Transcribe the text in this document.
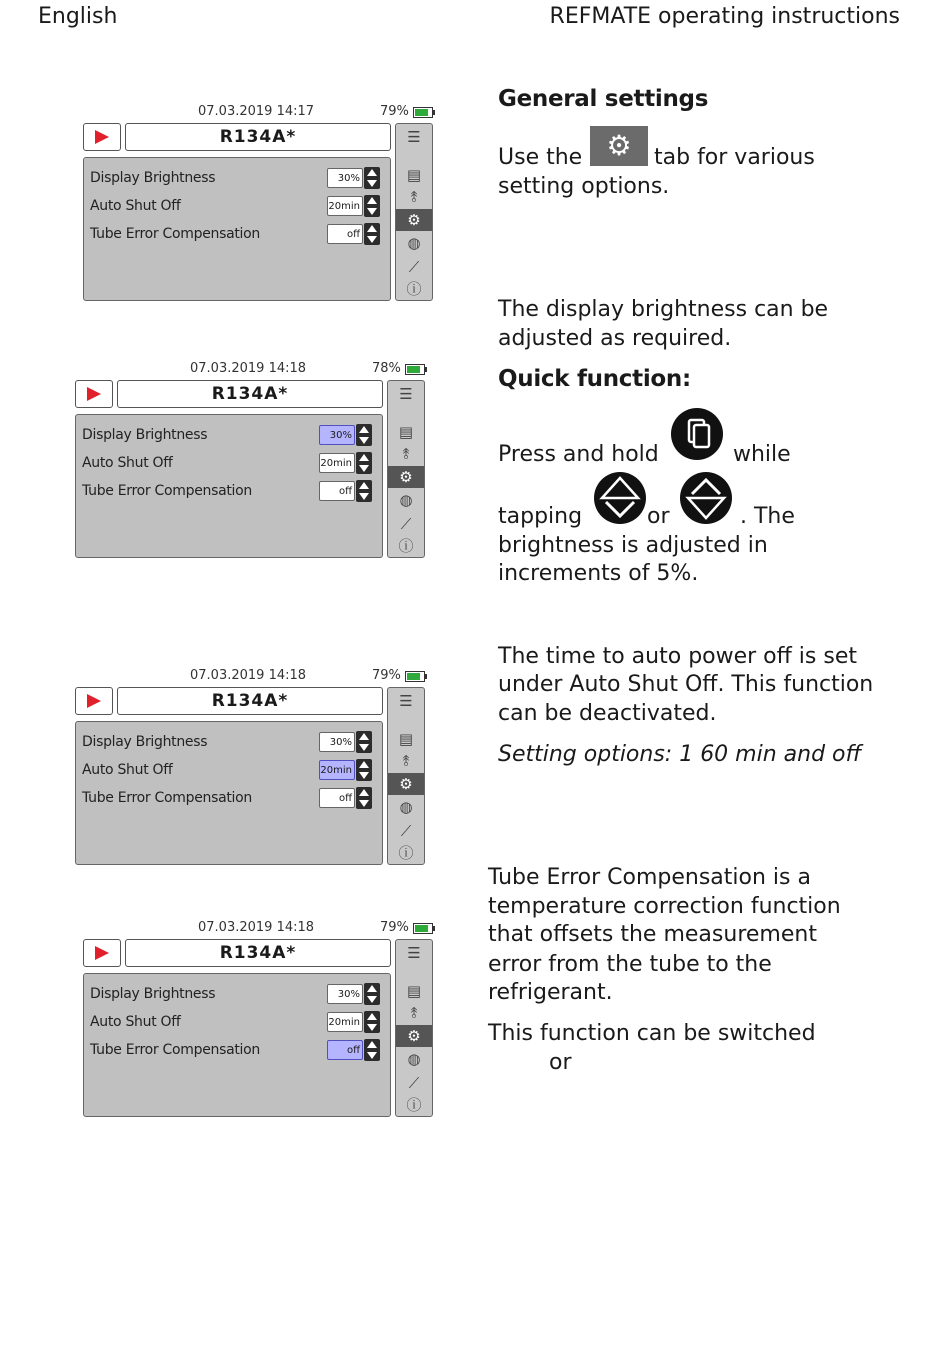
English	REFMATE operating instructions
07.03.2019 14:17	79%
R134A*
Display Brightness	30%
Auto Shut Off	20min
Tube Error Compensation	off
☰
▤
⥉
⚙
◍
⟋
ⓘ
07.03.2019 14:18	78%
R134A*
Display Brightness	30%
Auto Shut Off	20min
Tube Error Compensation	off
☰
▤
⥉
⚙
◍
⟋
ⓘ
07.03.2019 14:18	79%
R134A*
Display Brightness	30%
Auto Shut Off	20min
Tube Error Compensation	off
☰
▤
⥉
⚙
◍
⟋
ⓘ
07.03.2019 14:18	79%
R134A*
Display Brightness	30%
Auto Shut Off	20min
Tube Error Compensation	off
☰
▤
⥉
⚙
◍
⟋
ⓘ
General settings
Use the ⚙	tab for various
setting options.
The display brightness can be
adjusted as required.
Quick function:
Press and hold	while
tapping	or	. The
brightness is adjusted in
increments of 5%.
The time to auto power off is set
under Auto Shut Off. This function
can be deactivated.
Setting options: 1 60 min and off
Tube Error Compensation is a
temperature correction function
that offsets the measurement
error from the tube to the
refrigerant.
This function can be switched
or
